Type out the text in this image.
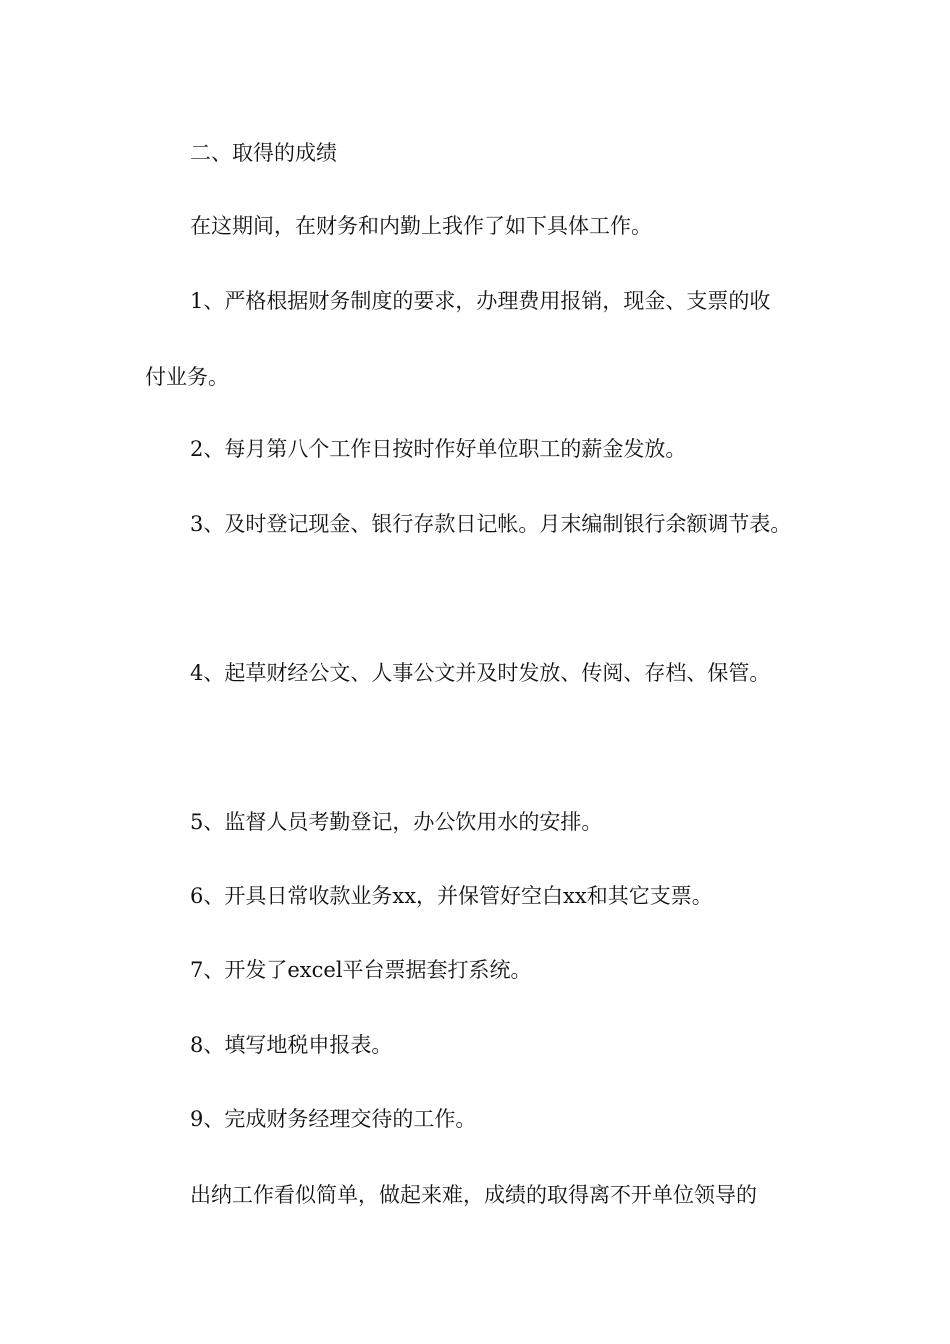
二、取得的成绩

在这期间，在财务和内勤上我作了如下具体工作。

1、严格根据财务制度的要求，办理费用报销，现金、支票的收

付业务。

2、每月第八个工作日按时作好单位职工的薪金发放。

3、及时登记现金、银行存款日记帐。月末编制银行余额调节表。

4、起草财经公文、人事公文并及时发放、传阅、存档、保管。

5、监督人员考勤登记，办公饮用水的安排。

6、开具日常收款业务xx，并保管好空白xx和其它支票。

7、开发了excel平台票据套打系统。

8、填写地税申报表。

9、完成财务经理交待的工作。

出纳工作看似简单，做起来难，成绩的取得离不开单位领导的
